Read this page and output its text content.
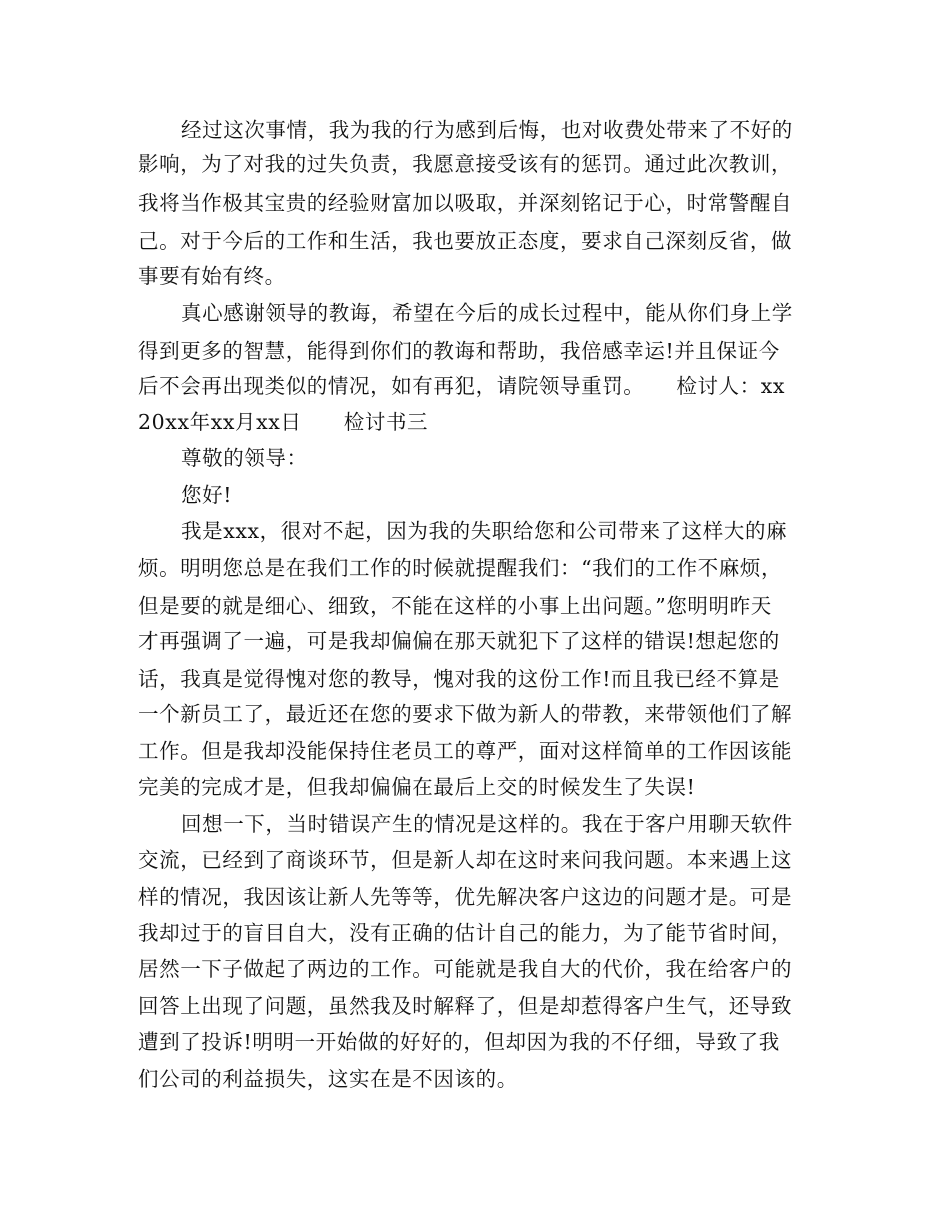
经过这次事情，我为我的行为感到后悔，也对收费处带来了不好的
影响，为了对我的过失负责，我愿意接受该有的惩罚。通过此次教训，
我将当作极其宝贵的经验财富加以吸取，并深刻铭记于心，时常警醒自
己。对于今后的工作和生活，我也要放正态度，要求自己深刻反省，做
事要有始有终。
真心感谢领导的教诲，希望在今后的成长过程中，能从你们身上学
得到更多的智慧，能得到你们的教诲和帮助，我倍感幸运!并且保证今
后不会再出现类似的情况，如有再犯，请院领导重罚。　　检讨人：xx
20xx年xx月xx日　　检讨书三
尊敬的领导：
您好!
我是xxx，很对不起，因为我的失职给您和公司带来了这样大的麻
烦。明明您总是在我们工作的时候就提醒我们：“我们的工作不麻烦，
但是要的就是细心、细致，不能在这样的小事上出问题。”您明明昨天
才再强调了一遍，可是我却偏偏在那天就犯下了这样的错误!想起您的
话，我真是觉得愧对您的教导，愧对我的这份工作!而且我已经不算是
一个新员工了，最近还在您的要求下做为新人的带教，来带领他们了解
工作。但是我却没能保持住老员工的尊严，面对这样简单的工作因该能
完美的完成才是，但我却偏偏在最后上交的时候发生了失误!
回想一下，当时错误产生的情况是这样的。我在于客户用聊天软件
交流，已经到了商谈环节，但是新人却在这时来问我问题。本来遇上这
样的情况，我因该让新人先等等，优先解决客户这边的问题才是。可是
我却过于的盲目自大，没有正确的估计自己的能力，为了能节省时间，
居然一下子做起了两边的工作。可能就是我自大的代价，我在给客户的
回答上出现了问题，虽然我及时解释了，但是却惹得客户生气，还导致
遭到了投诉!明明一开始做的好好的，但却因为我的不仔细，导致了我
们公司的利益损失，这实在是不因该的。
